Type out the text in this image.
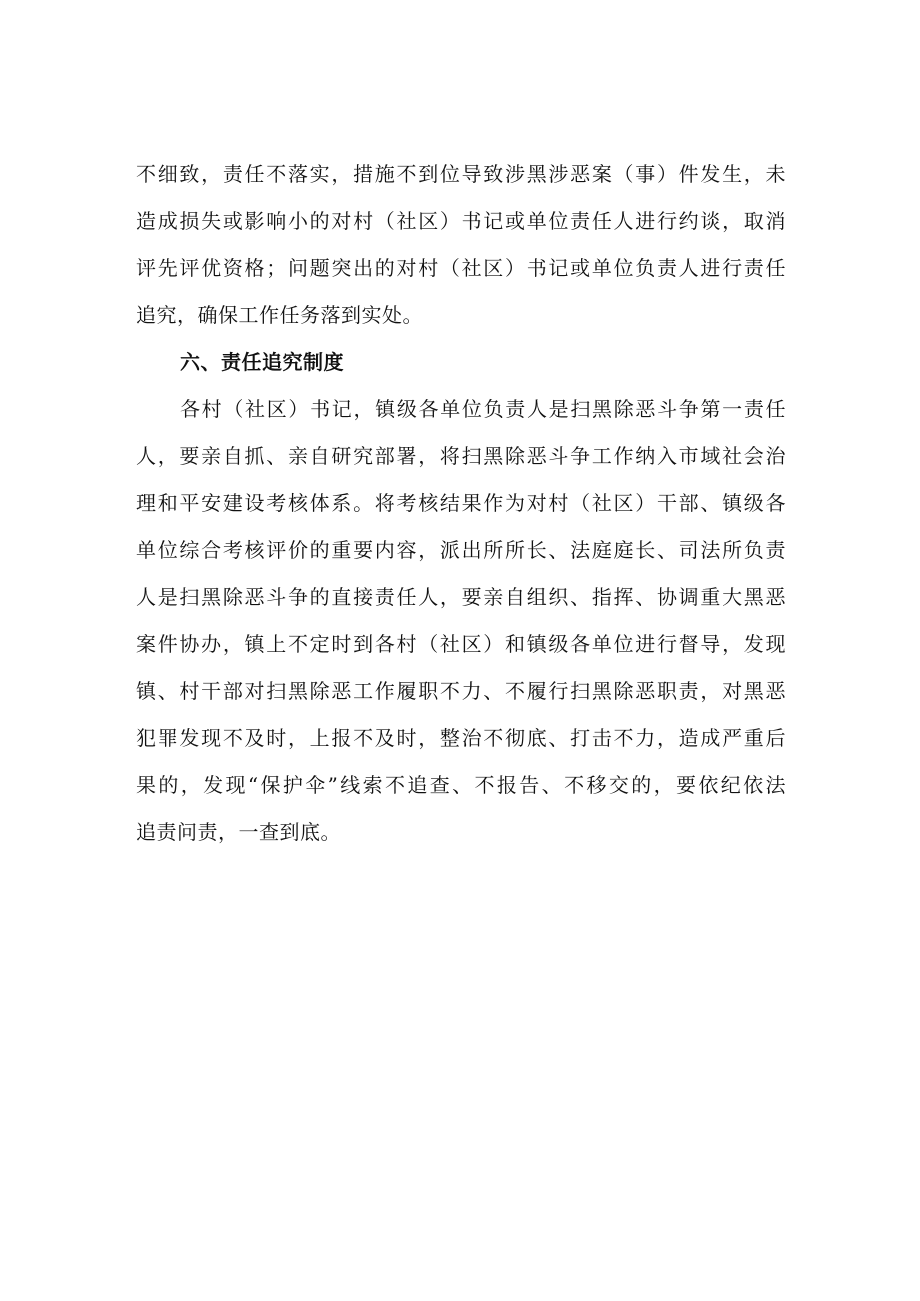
不细致，责任不落实，措施不到位导致涉黑涉恶案（事）件发生，未
造成损失或影响小的对村（社区）书记或单位责任人进行约谈，取消
评先评优资格；问题突出的对村（社区）书记或单位负责人进行责任
追究，确保工作任务落到实处。
六、责任追究制度
各村（社区）书记，镇级各单位负责人是扫黑除恶斗争第一责任
人，要亲自抓、亲自研究部署，将扫黑除恶斗争工作纳入市域社会治
理和平安建设考核体系。将考核结果作为对村（社区）干部、镇级各
单位综合考核评价的重要内容，派出所所长、法庭庭长、司法所负责
人是扫黑除恶斗争的直接责任人，要亲自组织、指挥、协调重大黑恶
案件协办，镇上不定时到各村（社区）和镇级各单位进行督导，发现
镇、村干部对扫黑除恶工作履职不力、不履行扫黑除恶职责，对黑恶
犯罪发现不及时，上报不及时，整治不彻底、打击不力，造成严重后
果的，发现“保护伞”线索不追查、不报告、不移交的，要依纪依法
追责问责，一查到底。
